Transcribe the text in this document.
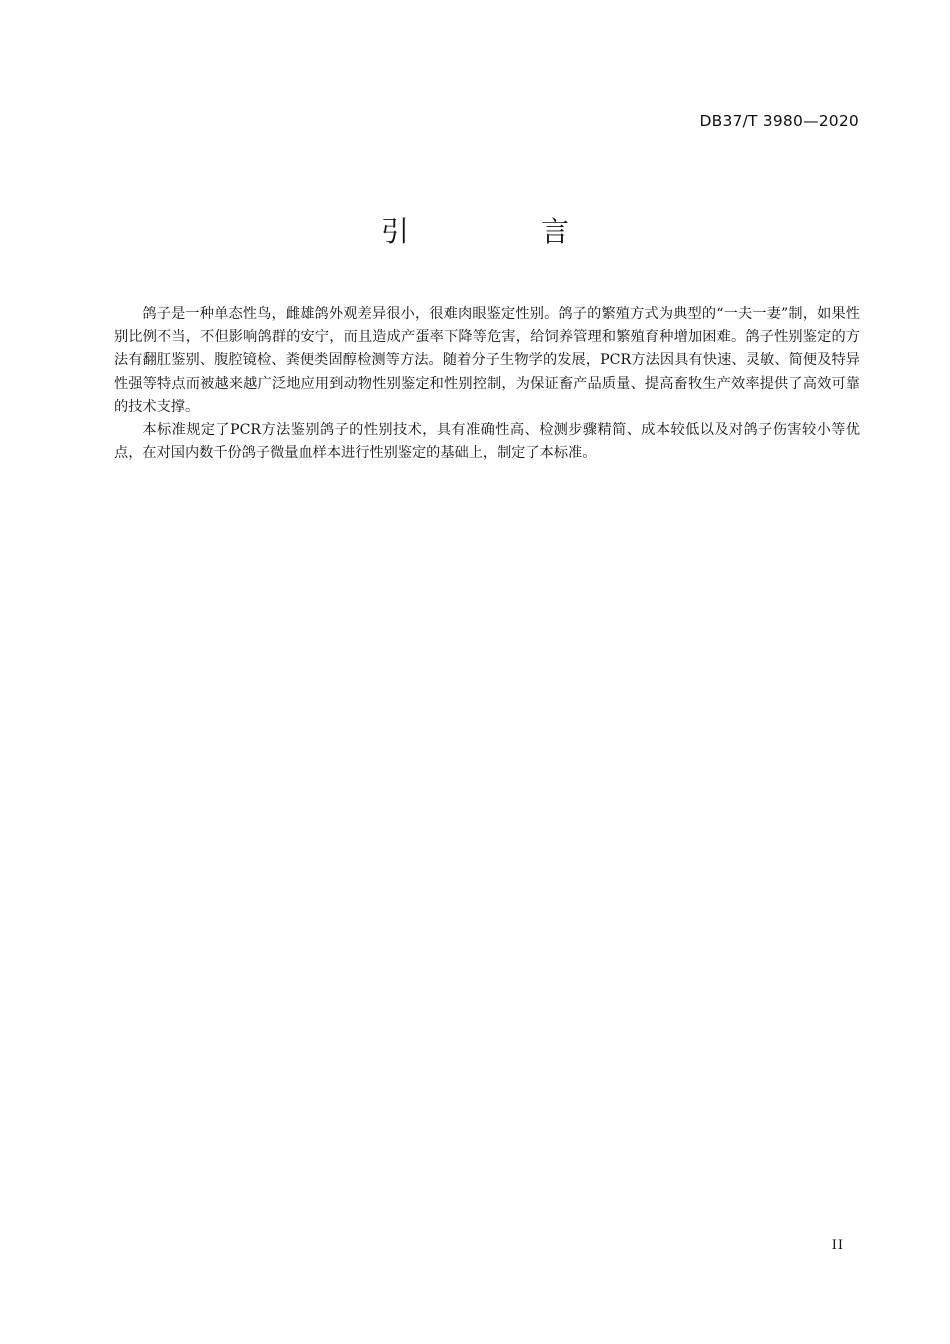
DB37/T 3980—2020
引　言

鸽子是一种单态性鸟，雌雄鸽外观差异很小，很难肉眼鉴定性别。鸽子的繁殖方式为典型的“一夫一妻”制，如果性别比例不当，不但影响鸽群的安宁，而且造成产蛋率下降等危害，给饲养管理和繁殖育种增加困难。鸽子性别鉴定的方法有翻肛鉴别、腹腔镜检、粪便类固醇检测等方法。随着分子生物学的发展，PCR方法因具有快速、灵敏、简便及特异性强等特点而被越来越广泛地应用到动物性别鉴定和性别控制，为保证畜产品质量、提高畜牧生产效率提供了高效可靠的技术支撑。

本标准规定了PCR方法鉴别鸽子的性别技术，具有准确性高、检测步骤精简、成本较低以及对鸽子伤害较小等优点，在对国内数千份鸽子微量血样本进行性别鉴定的基础上，制定了本标准。

II
